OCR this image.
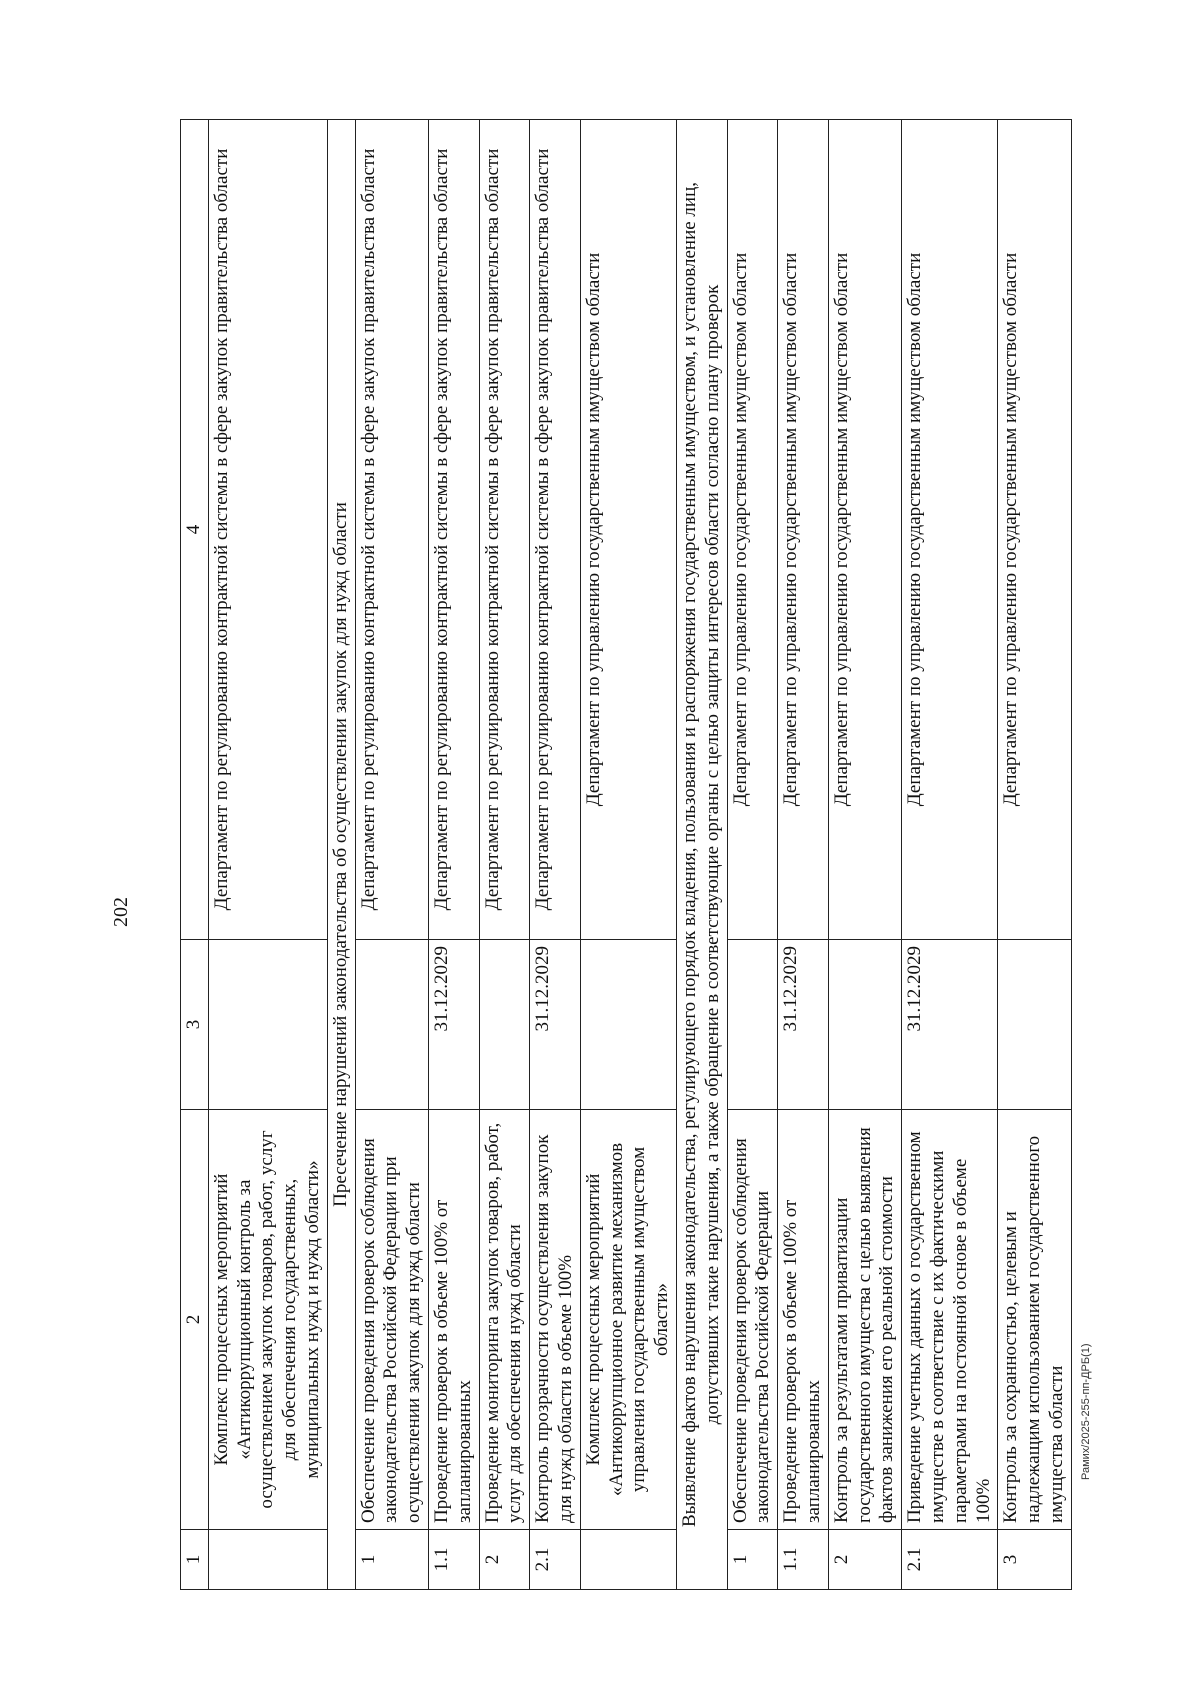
202
Рамих/2025-255-пп-ДРБ(1)
1	2	3	4
	Комплекс процессных мероприятий «Антикоррупционный контроль за осуществлением закупок товаров, работ, услуг для обеспечения государственных, муниципальных нужд и нужд области»		Департамент по регулированию контрактной системы в сфере закупок правительства области
Пресечение нарушений законодательства об осуществлении закупок для нужд области			
1	Обеспечение проведения проверок соблюдения законодательства Российской Федерации при осуществлении закупок для нужд области		Департамент по регулированию контрактной системы в сфере закупок правительства области
1.1	Проведение проверок в объеме 100% от запланированных	31.12.2029	Департамент по регулированию контрактной системы в сфере закупок правительства области
2	Проведение мониторинга закупок товаров, работ, услуг для обеспечения нужд области		Департамент по регулированию контрактной системы в сфере закупок правительства области
2.1	Контроль прозрачности осуществления закупок для нужд области в объеме 100%	31.12.2029	Департамент по регулированию контрактной системы в сфере закупок правительства области
	Комплекс процессных мероприятий «Антикоррупционное развитие механизмов управления государственным имуществом области»		Департамент по управлению государственным имуществом области
Выявление фактов нарушения законодательства, регулирующего порядок владения, пользования и распоряжения государственным имуществом, и установление лиц, допустивших такие нарушения, а также обращение в соответствующие органы с целью защиты интересов области согласно плану проверок			
1	Обеспечение проведения проверок соблюдения законодательства Российской Федерации		Департамент по управлению государственным имуществом области
1.1	Проведение проверок в объеме 100% от запланированных	31.12.2029	Департамент по управлению государственным имуществом области
2	Контроль за результатами приватизации государственного имущества с целью выявления фактов занижения его реальной стоимости		Департамент по управлению государственным имуществом области
2.1	Приведение учетных данных о государственном имуществе в соответствие с их фактическими параметрами на постоянной основе в объеме 100%	31.12.2029	Департамент по управлению государственным имуществом области
3	Контроль за сохранностью, целевым и надлежащим использованием государственного имущества области		Департамент по управлению государственным имуществом области
